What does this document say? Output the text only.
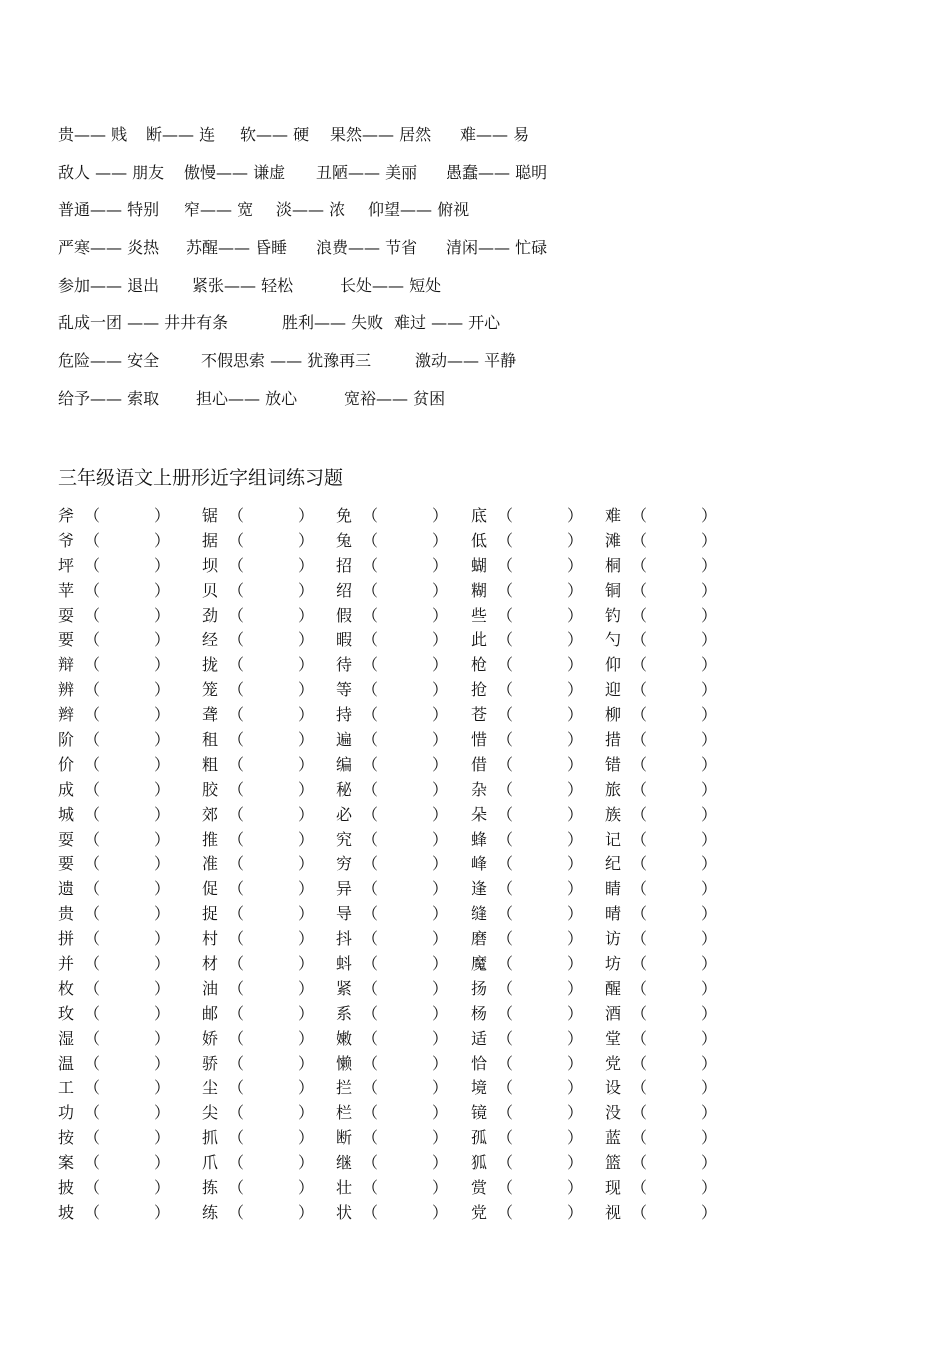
贵—— 贱 断—— 连 软—— 硬 果然—— 居然 难—— 易
敌人 —— 朋友 傲慢—— 谦虚 丑陋—— 美丽 愚蠢—— 聪明
普通—— 特别 窄—— 宽 淡—— 浓 仰望—— 俯视
严寒—— 炎热 苏醒—— 昏睡 浪费—— 节省 清闲—— 忙碌
参加—— 退出 紧张—— 轻松	长处—— 短处
乱成一团 —— 井井有条	胜利—— 失败 难过 —— 开心
危险—— 安全	不假思索 —— 犹豫再三	激动—— 平静
给予—— 索取 担心—— 放心	宽裕—— 贫困
三年级语文上册形近字组词练习题
斧 （	） 锯 （	） 免 （	） 底 （	） 难 （	）
爷 （	） 据 （	） 兔 （	） 低 （	） 滩 （	）
坪 （	） 坝 （	） 招 （	） 蝴 （	） 桐 （	）
苹 （	） 贝 （	） 绍 （	） 糊 （	） 铜 （	）
耍 （	） 劲 （	） 假 （	） 些 （	） 钓 （	）
要 （	） 经 （	） 暇 （	） 此 （	） 勺 （	）
辩 （	） 拢 （	） 待 （	） 枪 （	） 仰 （	）
辨 （	） 笼 （	） 等 （	） 抢 （	） 迎 （	）
辫 （	） 聋 （	） 持 （	） 苍 （	） 柳 （	）
阶 （	） 租 （	） 遍 （	） 惜 （	） 措 （	）
价 （	） 粗 （	） 编 （	） 借 （	） 错 （	）
成 （	） 胶 （	） 秘 （	） 杂 （	） 旅 （	）
城 （	） 郊 （	） 必 （	） 朵 （	） 族 （	）
耍 （	） 推 （	） 究 （	） 蜂 （	） 记 （	）
要 （	） 准 （	） 穷 （	） 峰 （	） 纪 （	）
遗 （	） 促 （	） 异 （	） 逢 （	） 睛 （	）
贵 （	） 捉 （	） 导 （	） 缝 （	） 晴 （	）
拼 （	） 村 （	） 抖 （	） 磨 （	） 访 （	）
并 （	） 材 （	） 蚪 （	） 魔 （	） 坊 （	）
枚 （	） 油 （	） 紧 （	） 扬 （	） 醒 （	）
玫 （	） 邮 （	） 系 （	） 杨 （	） 酒 （	）
湿 （	） 娇 （	） 嫩 （	） 适 （	） 堂 （	）
温 （	） 骄 （	） 懒 （	） 恰 （	） 党 （	）
工 （	） 尘 （	） 拦 （	） 境 （	） 设 （	）
功 （	） 尖 （	） 栏 （	） 镜 （	） 没 （	）
按 （	） 抓 （	） 断 （	） 孤 （	） 蓝 （	）
案 （	） 爪 （	） 继 （	） 狐 （	） 篮 （	）
披 （	） 拣 （	） 壮 （	） 赏 （	） 现 （	）
坡 （	） 练 （	） 状 （	） 党 （	） 视 （	）
